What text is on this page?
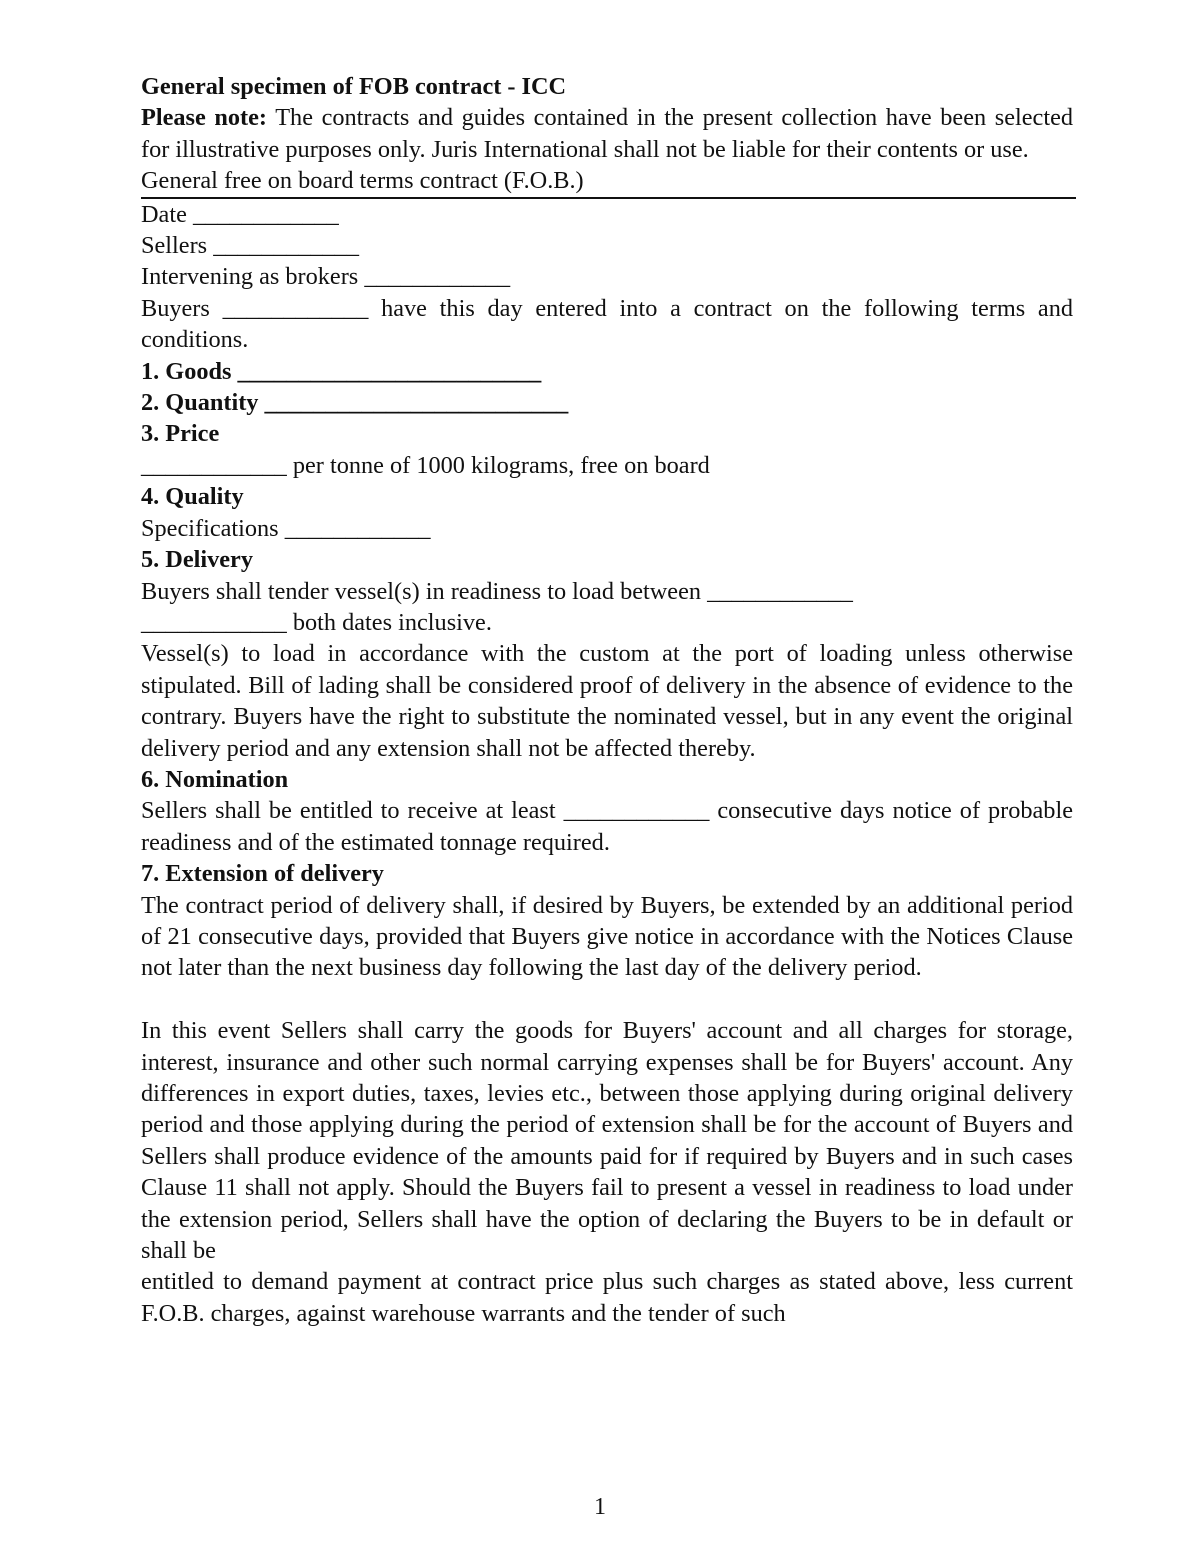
General specimen of FOB contract - ICC
Please note: The contracts and guides contained in the present collection have been selected for illustrative purposes only. Juris International shall not be liable for their contents or use.
General free on board terms contract (F.O.B.)
Date ____________
Sellers ____________
Intervening as brokers ____________
Buyers ____________ have this day entered into a contract on the following terms and conditions.
1. Goods _________________________
2. Quantity _________________________
3. Price
____________ per tonne of 1000 kilograms, free on board
4. Quality
Specifications ____________
5. Delivery
Buyers shall tender vessel(s) in readiness to load between ____________
____________ both dates inclusive.
Vessel(s) to load in accordance with the custom at the port of loading unless otherwise stipulated. Bill of lading shall be considered proof of delivery in the absence of evidence to the contrary. Buyers have the right to substitute the nominated vessel, but in any event the original delivery period and any extension shall not be affected thereby.
6. Nomination
Sellers shall be entitled to receive at least ____________ consecutive days notice of probable readiness and of the estimated tonnage required.
7. Extension of delivery
The contract period of delivery shall, if desired by Buyers, be extended by an additional period of 21 consecutive days, provided that Buyers give notice in accordance with the Notices Clause not later than the next business day following the last day of the delivery period.
In this event Sellers shall carry the goods for Buyers' account and all charges for storage, interest, insurance and other such normal carrying expenses shall be for Buyers' account. Any differences in export duties, taxes, levies etc., between those applying during original delivery period and those applying during the period of extension shall be for the account of Buyers and Sellers shall produce evidence of the amounts paid for if required by Buyers and in such cases Clause 11 shall not apply. Should the Buyers fail to present a vessel in readiness to load under the extension period, Sellers shall have the option of declaring the Buyers to be in default or shall be
entitled to demand payment at contract price plus such charges as stated above, less current F.O.B. charges, against warehouse warrants and the tender of such
1
